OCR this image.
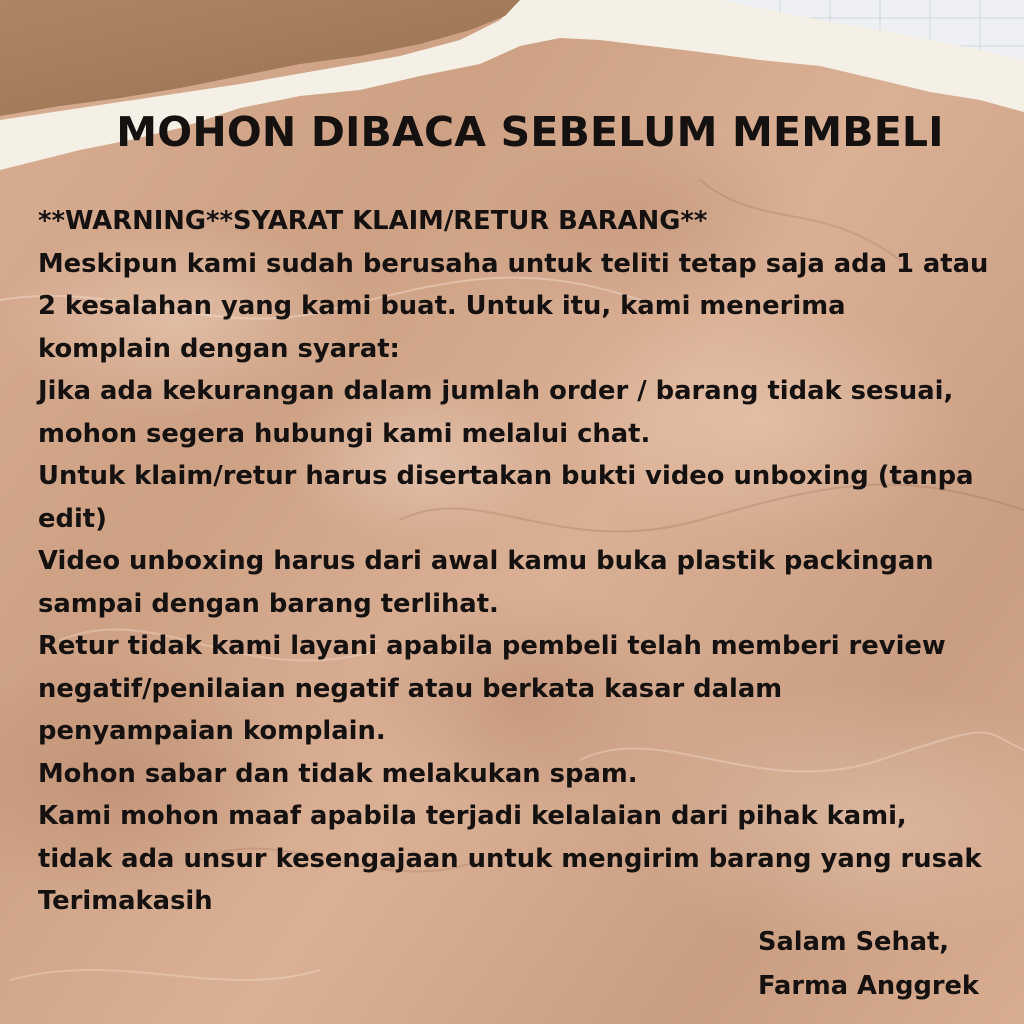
MOHON DIBACA SEBELUM MEMBELI
**WARNING**SYARAT KLAIM/RETUR BARANG**
Meskipun kami sudah berusaha untuk teliti tetap saja ada 1 atau
2 kesalahan yang kami buat. Untuk itu, kami menerima
komplain dengan syarat:
Jika ada kekurangan dalam jumlah order / barang tidak sesuai,
mohon segera hubungi kami melalui chat.
Untuk klaim/retur harus disertakan bukti video unboxing (tanpa
edit)
Video unboxing harus dari awal kamu buka plastik packingan
sampai dengan barang terlihat.
Retur tidak kami layani apabila pembeli telah memberi review
negatif/penilaian negatif atau berkata kasar dalam
penyampaian komplain.
Mohon sabar dan tidak melakukan spam.
Kami mohon maaf apabila terjadi kelalaian dari pihak kami,
tidak ada unsur kesengajaan untuk mengirim barang yang rusak
Terimakasih
Salam Sehat,
Farma Anggrek
